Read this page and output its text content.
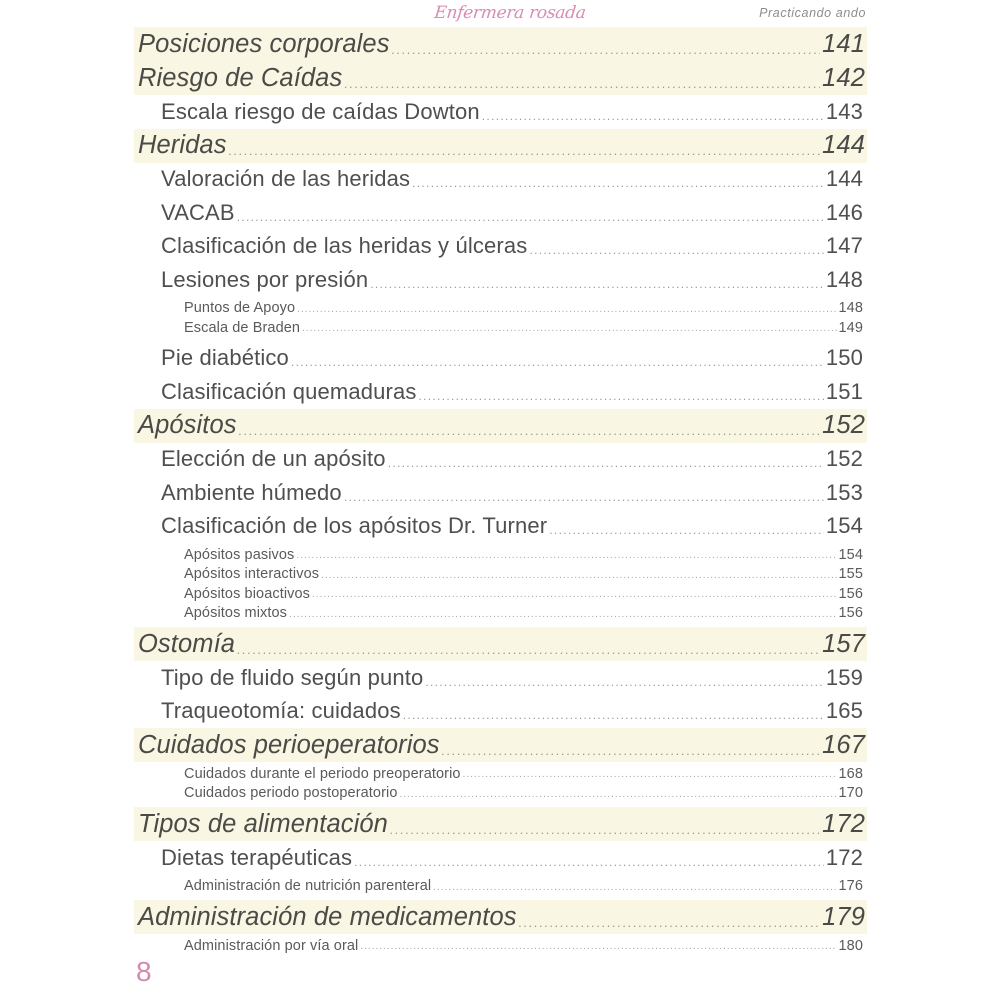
Enfermera rosada	Practicando ando
Posiciones corporales .....	141
Riesgo de Caídas .....	142
Escala riesgo de caídas Dowton .....	143
Heridas .....	144
Valoración de las heridas .....	144
VACAB .....	146
Clasificación de las heridas y úlceras .....	147
Lesiones por presión .....	148
Puntos de Apoyo .....	148
Escala de Braden .....	149
Pie diabético .....	150
Clasificación quemaduras .....	151
Apósitos .....	152
Elección de un apósito .....	152
Ambiente húmedo .....	153
Clasificación de los apósitos Dr. Turner .....	154
Apósitos pasivos .....	154
Apósitos interactivos .....	155
Apósitos bioactivos .....	156
Apósitos mixtos .....	156
Ostomía .....	157
Tipo de fluido según punto .....	159
Traqueotomía: cuidados .....	165
Cuidados perioeperatorios .....	167
Cuidados durante el periodo preoperatorio .....	168
Cuidados periodo postoperatorio .....	170
Tipos de alimentación .....	172
Dietas terapéuticas .....	172
Administración de nutrición parenteral .....	176
Administración de medicamentos .....	179
Administración por vía oral .....	180
8
